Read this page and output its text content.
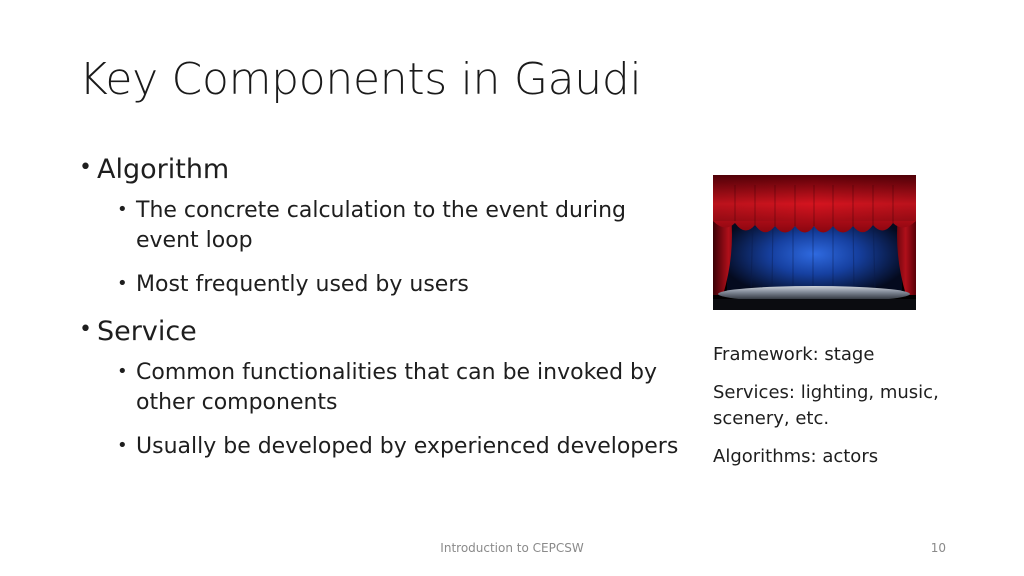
Key Components in Gaudi
• Algorithm
• The concrete calculation to the event during event loop
• Most frequently used by users
• Service
• Common functionalities that can be invoked by other components
• Usually be developed by experienced developers
Framework: stage
Services: lighting, music, scenery, etc.
Algorithms: actors
Introduction to CEPCSW	10
